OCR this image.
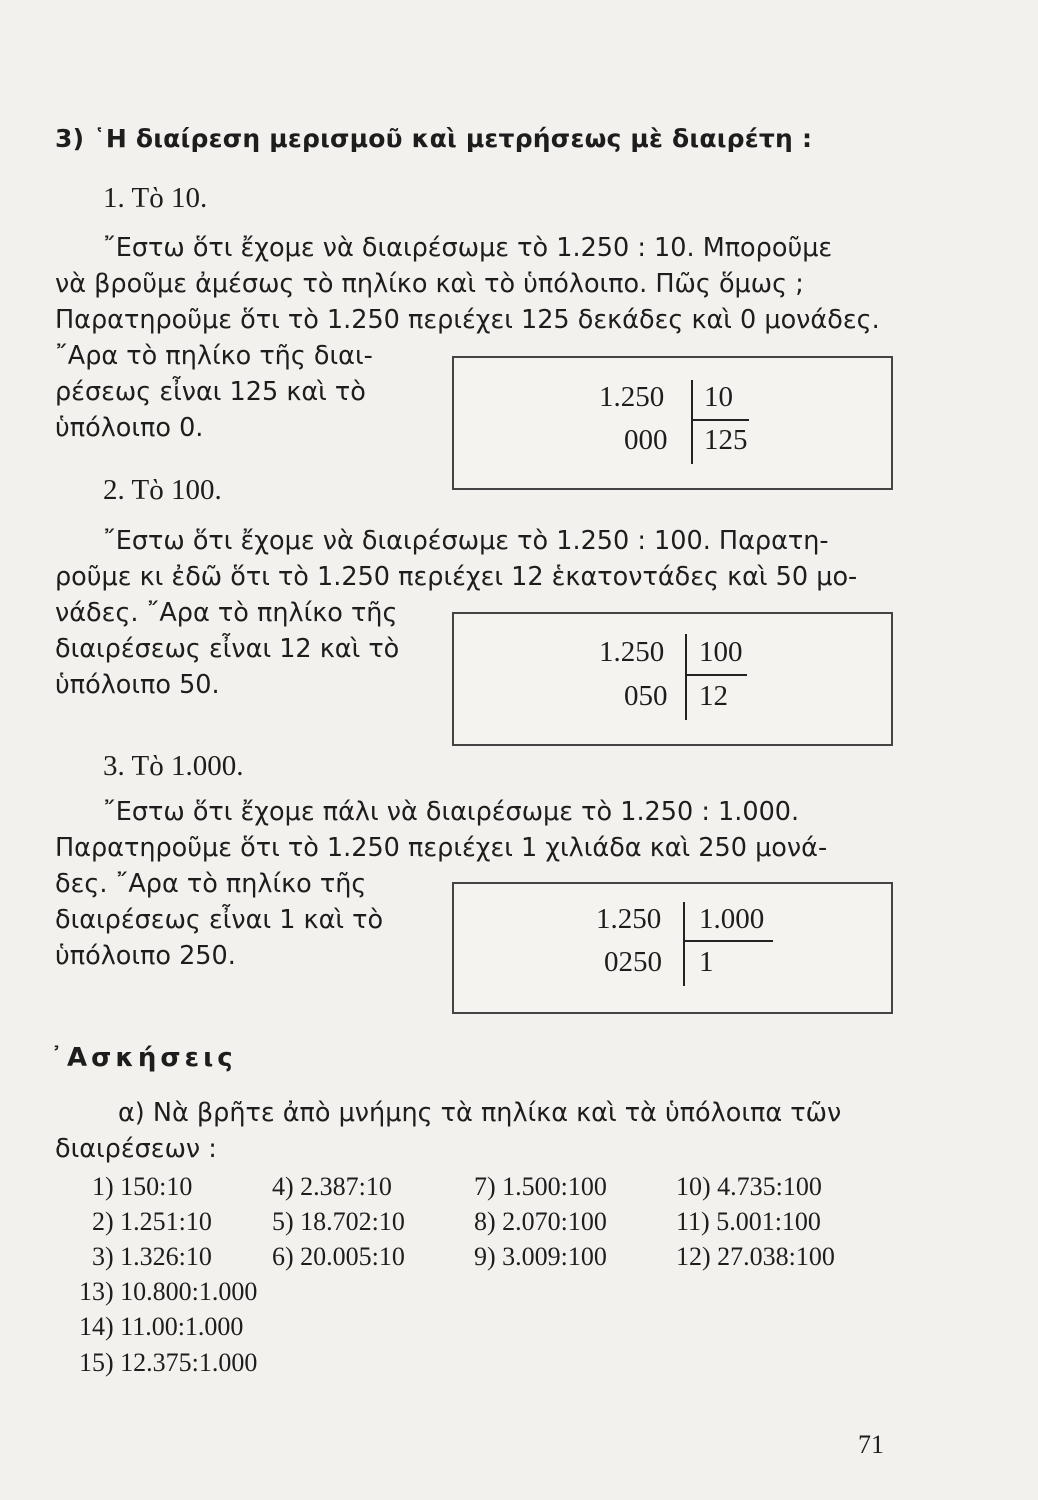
3) ῾Η διαίρεση μερισμοῦ καὶ μετρήσεως μὲ διαιρέτη :
1. Τὸ 10.
῎Εστω ὅτι ἔχομε νὰ διαιρέσωμε τὸ 1.250 : 10. Μποροῦμε
νὰ βροῦμε ἀμέσως τὸ πηλίκο καὶ τὸ ὑπόλοιπο. Πῶς ὅμως ;
Παρατηροῦμε ὅτι τὸ 1.250 περιέχει 125 δεκάδες καὶ 0 μονάδες.
῎Αρα τὸ πηλίκο τῆς διαι-
ρέσεως εἶναι 125 καὶ τὸ
ὑπόλοιπο 0.
1.250 10
000 125
2. Τὸ 100.
῎Εστω ὅτι ἔχομε νὰ διαιρέσωμε τὸ 1.250 : 100. Παρατη-
ροῦμε κι ἐδῶ ὅτι τὸ 1.250 περιέχει 12 ἑκατοντάδες καὶ 50 μο-
νάδες. ῎Αρα τὸ πηλίκο τῆς
διαιρέσεως εἶναι 12 καὶ τὸ
ὑπόλοιπο 50.
1.250 100
050 12
3. Τὸ 1.000.
῎Εστω ὅτι ἔχομε πάλι νὰ διαιρέσωμε τὸ 1.250 : 1.000.
Παρατηροῦμε ὅτι τὸ 1.250 περιέχει 1 χιλιάδα καὶ 250 μονά-
δες. ῎Αρα τὸ πηλίκο τῆς
διαιρέσεως εἶναι 1 καὶ τὸ
ὑπόλοιπο 250.
1.250 1.000
0250 1
᾿Ασκήσεις
α) Νὰ βρῆτε ἀπὸ μνήμης τὰ πηλίκα καὶ τὰ ὑπόλοιπα τῶν
διαιρέσεων :
1) 150:10	4) 2.387:10	7) 1.500:100	10) 4.735:100
2) 1.251:10 5) 18.702:10	8) 2.070:100	11) 5.001:100
3) 1.326:10 6) 20.005:10	9) 3.009:100	12) 27.038:100
13) 10.800:1.000
14) 11.00:1.000
15) 12.375:1.000
71
